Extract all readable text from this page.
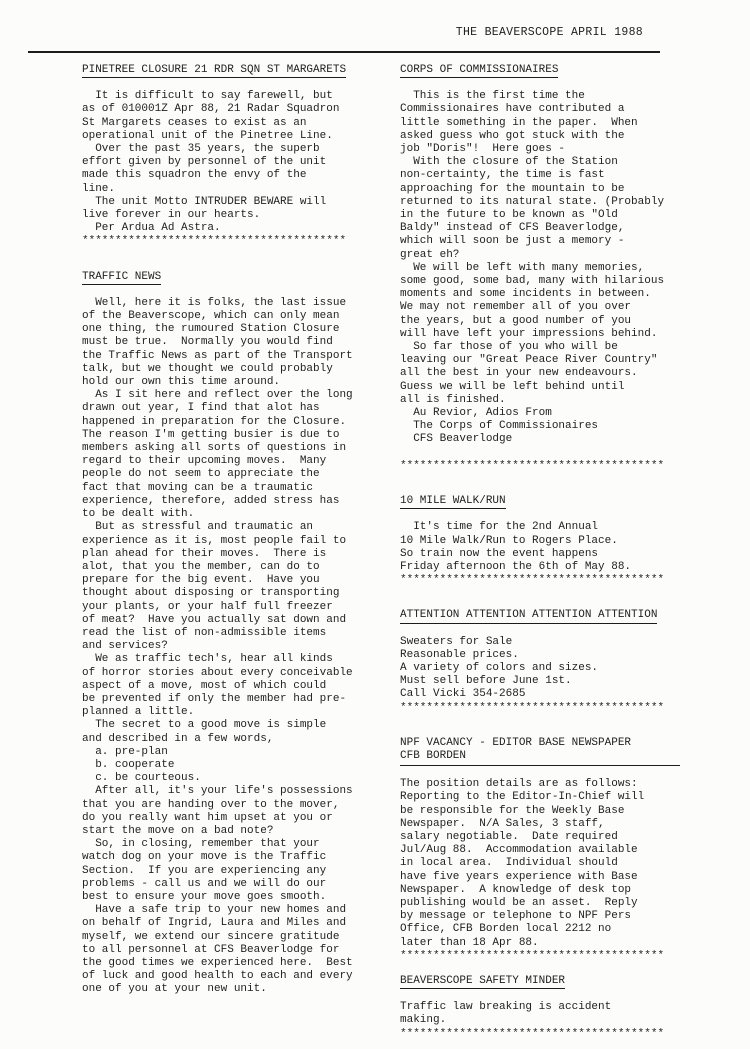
THE BEAVERSCOPE APRIL 1988
PINETREE CLOSURE 21 RDR SQN ST MARGARETS
It is difficult to say farewell, but
as of 010001Z Apr 88, 21 Radar Squadron
St Margarets ceases to exist as an
operational unit of the Pinetree Line.
Over the past 35 years, the superb
effort given by personnel of the unit
made this squadron the envy of the
line.
The unit Motto INTRUDER BEWARE will
live forever in our hearts.
Per Ardua Ad Astra.
****************************************
TRAFFIC NEWS
Well, here it is folks, the last issue
of the Beaverscope, which can only mean
one thing, the rumoured Station Closure
must be true.  Normally you would find
the Traffic News as part of the Transport
talk, but we thought we could probably
hold our own this time around.
As I sit here and reflect over the long
drawn out year, I find that alot has
happened in preparation for the Closure.
The reason I'm getting busier is due to
members asking all sorts of questions in
regard to their upcoming moves.  Many
people do not seem to appreciate the
fact that moving can be a traumatic
experience, therefore, added stress has
to be dealt with.
But as stressful and traumatic an
experience as it is, most people fail to
plan ahead for their moves.  There is
alot, that you the member, can do to
prepare for the big event.  Have you
thought about disposing or transporting
your plants, or your half full freezer
of meat?  Have you actually sat down and
read the list of non-admissible items
and services?
We as traffic tech's, hear all kinds
of horror stories about every conceivable
aspect of a move, most of which could
be prevented if only the member had pre-
planned a little.
The secret to a good move is simple
and described in a few words,
a. pre-plan
b. cooperate
c. be courteous.
After all, it's your life's possessions
that you are handing over to the mover,
do you really want him upset at you or
start the move on a bad note?
So, in closing, remember that your
watch dog on your move is the Traffic
Section.  If you are experiencing any
problems - call us and we will do our
best to ensure your move goes smooth.
Have a safe trip to your new homes and
on behalf of Ingrid, Laura and Miles and
myself, we extend our sincere gratitude
to all personnel at CFS Beaverlodge for
the good times we experienced here.  Best
of luck and good health to each and every
one of you at your new unit.
CORPS OF COMMISSIONAIRES
This is the first time the
Commissionaires have contributed a
little something in the paper.  When
asked guess who got stuck with the
job "Doris"!  Here goes -
With the closure of the Station
non-certainty, the time is fast
approaching for the mountain to be
returned to its natural state. (Probably
in the future to be known as "Old
Baldy" instead of CFS Beaverlodge,
which will soon be just a memory -
great eh?
We will be left with many memories,
some good, some bad, many with hilarious
moments and some incidents in between.
We may not remember all of you over
the years, but a good number of you
will have left your impressions behind.
So far those of you who will be
leaving our "Great Peace River Country"
all the best in your new endeavours.
Guess we will be left behind until
all is finished.
Au Revior, Adios From
The Corps of Commissionaires
CFS Beaverlodge
****************************************
10 MILE WALK/RUN
It's time for the 2nd Annual
10 Mile Walk/Run to Rogers Place.
So train now the event happens
Friday afternoon the 6th of May 88.
****************************************
ATTENTION ATTENTION ATTENTION ATTENTION
Sweaters for Sale
Reasonable prices.
A variety of colors and sizes.
Must sell before June 1st.
Call Vicki 354-2685
****************************************
NPF VACANCY - EDITOR BASE NEWSPAPER
CFB BORDEN
The position details are as follows:
Reporting to the Editor-In-Chief will
be responsible for the Weekly Base
Newspaper.  N/A Sales, 3 staff,
salary negotiable.  Date required
Jul/Aug 88.  Accommodation available
in local area.  Individual should
have five years experience with Base
Newspaper.  A knowledge of desk top
publishing would be an asset.  Reply
by message or telephone to NPF Pers
Office, CFB Borden local 2212 no
later than 18 Apr 88.
****************************************
BEAVERSCOPE SAFETY MINDER
Traffic law breaking is accident
making.
****************************************
